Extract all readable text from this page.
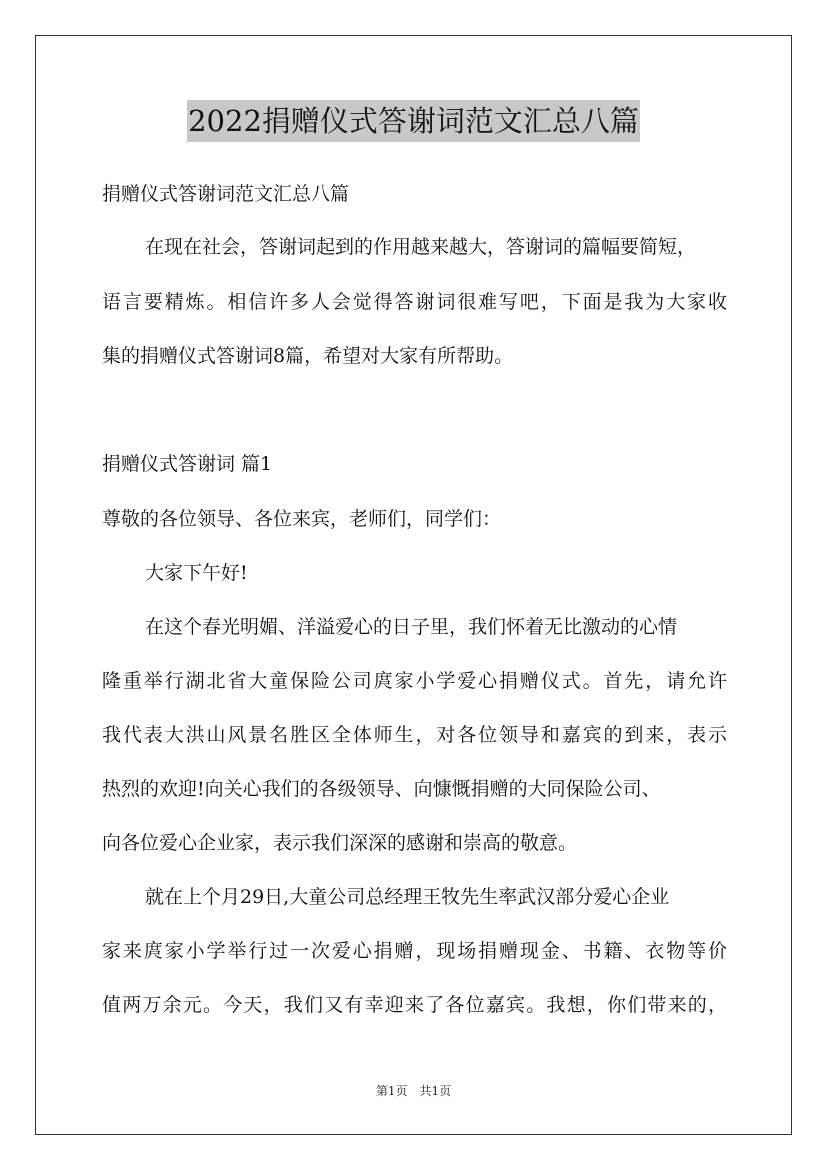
2022捐赠仪式答谢词范文汇总八篇
捐赠仪式答谢词范文汇总八篇
在现在社会，答谢词起到的作用越来越大，答谢词的篇幅要简短，
语言要精炼。相信许多人会觉得答谢词很难写吧，下面是我为大家收
集的捐赠仪式答谢词8篇，希望对大家有所帮助。
捐赠仪式答谢词 篇1
尊敬的各位领导、各位来宾，老师们，同学们：
大家下午好!
在这个春光明媚、洋溢爱心的日子里，我们怀着无比激动的心情
隆重举行湖北省大童保险公司庹家小学爱心捐赠仪式。首先，请允许
我代表大洪山风景名胜区全体师生，对各位领导和嘉宾的到来，表示
热烈的欢迎!向关心我们的各级领导、向慷慨捐赠的大同保险公司、
向各位爱心企业家，表示我们深深的感谢和崇高的敬意。
就在上个月29日,大童公司总经理王牧先生率武汉部分爱心企业
家来庹家小学举行过一次爱心捐赠，现场捐赠现金、书籍、衣物等价
值两万余元。今天，我们又有幸迎来了各位嘉宾。我想，你们带来的，
第1页　共1页
